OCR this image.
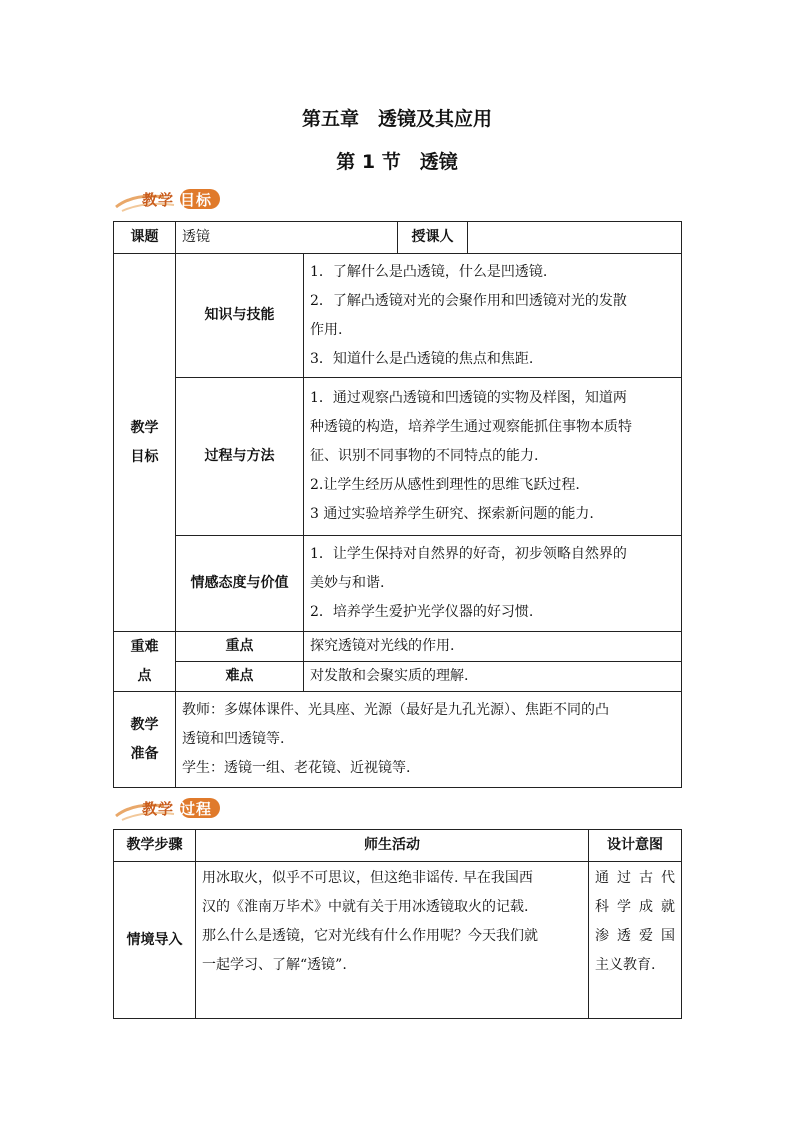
第五章　透镜及其应用
第 1 节　透镜
教学 目标
课题	透镜		授课人	

教学
目标	知识与技能	1．了解什么是凸透镜，什么是凹透镜.
2．了解凸透镜对光的会聚作用和凹透镜对光的发散
作用.
3．知道什么是凸透镜的焦点和焦距.		

	过程与方法	1．通过观察凸透镜和凹透镜的实物及样图，知道两
种透镜的构造，培养学生通过观察能抓住事物本质特
征、识别不同事物的不同特点的能力.
2.让学生经历从感性到理性的思维飞跃过程.
3 通过实验培养学生研究、探索新问题的能力.		

	情感态度与价值	1．让学生保持对自然界的好奇，初步领略自然界的
美妙与和谐.
2．培养学生爱护光学仪器的好习惯.		

重难
点	重点	探究透镜对光线的作用.		
	难点	对发散和会聚实质的理解.		

教学
准备	教师：多媒体课件、光具座、光源（最好是九孔光源）、焦距不同的凸
透镜和凹透镜等.
学生：透镜一组、老花镜、近视镜等.			
教学 过程
教学步骤	师生活动	设计意图
情境导入	用冰取火，似乎不可思议，但这绝非谣传. 早在我国西
汉的《淮南万毕术》中就有关于用冰透镜取火的记载.
那么什么是透镜，它对光线有什么作用呢？今天我们就
一起学习、了解“透镜”.	通过古代
科学成就
渗透爱国
主义教育.
